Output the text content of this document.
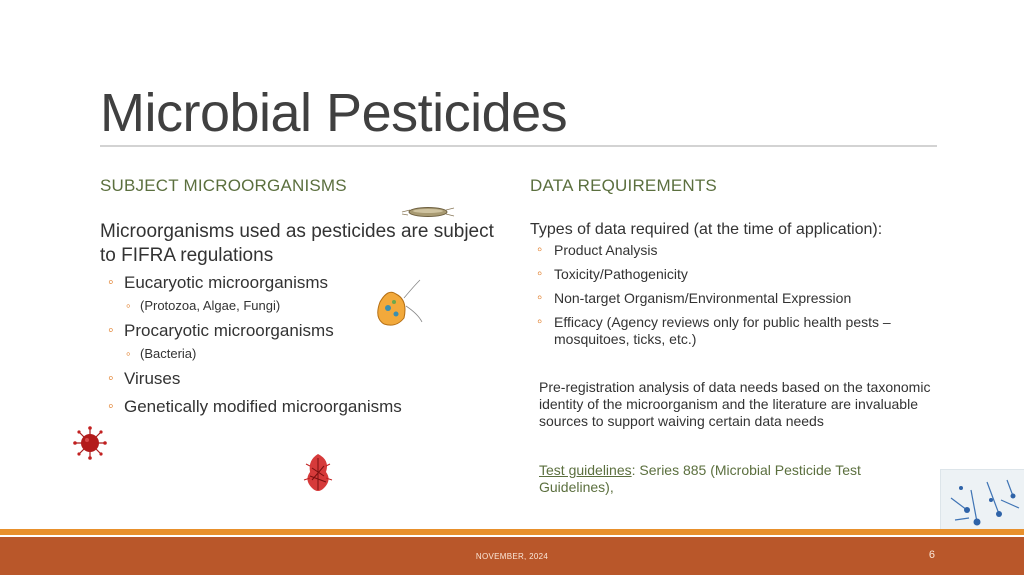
Microbial Pesticides
SUBJECT MICROORGANISMS	DATA REQUIREMENTS

Microorganisms used as pesticides are subject to FIFRA regulations

◦ Eucaryotic microorganisms
◦ (Protozoa, Algae, Fungi)
◦ Procaryotic microorganisms
◦ (Bacteria)
◦ Viruses
◦ Genetically modified microorganisms

Types of data required (at the time of application):

◦ Product Analysis
◦ Toxicity/Pathogenicity
◦ Non-target Organism/Environmental Expression
◦ Efficacy (Agency reviews only for public health pests – mosquitoes, ticks, etc.)
Pre-registration analysis of data needs based on the taxonomic identity of the microorganism and the literature are invaluable sources to support waiving certain data needs
Test guidelines: Series 885 (Microbial Pesticide Test Guidelines),
NOVEMBER, 2024	6
